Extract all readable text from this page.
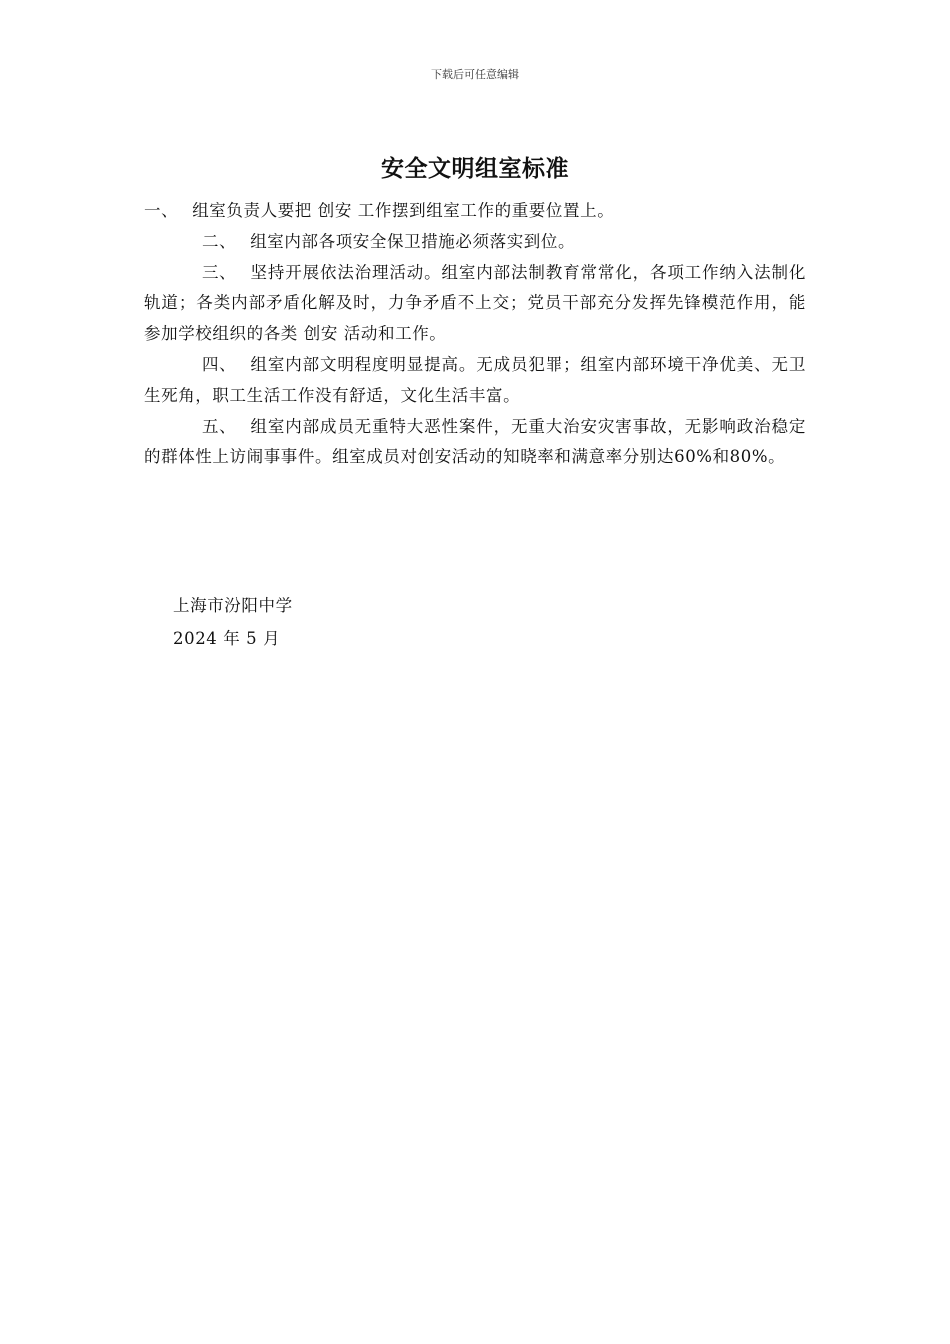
下载后可任意编辑
安全文明组室标准

一、 组室负责人要把 创安 工作摆到组室工作的重要位置上。

二、 组室内部各项安全保卫措施必须落实到位。

三、 坚持开展依法治理活动。组室内部法制教育常常化，各项工作纳入法制化轨道；各类内部矛盾化解及时，力争矛盾不上交；党员干部充分发挥先锋模范作用，能参加学校组织的各类 创安 活动和工作。

四、 组室内部文明程度明显提高。无成员犯罪；组室内部环境干净优美、无卫生死角，职工生活工作没有舒适，文化生活丰富。

五、 组室内部成员无重特大恶性案件，无重大治安灾害事故，无影响政治稳定的群体性上访闹事事件。组室成员对创安活动的知晓率和满意率分别达60%和80%。

上海市汾阳中学
2024 年 5 月
